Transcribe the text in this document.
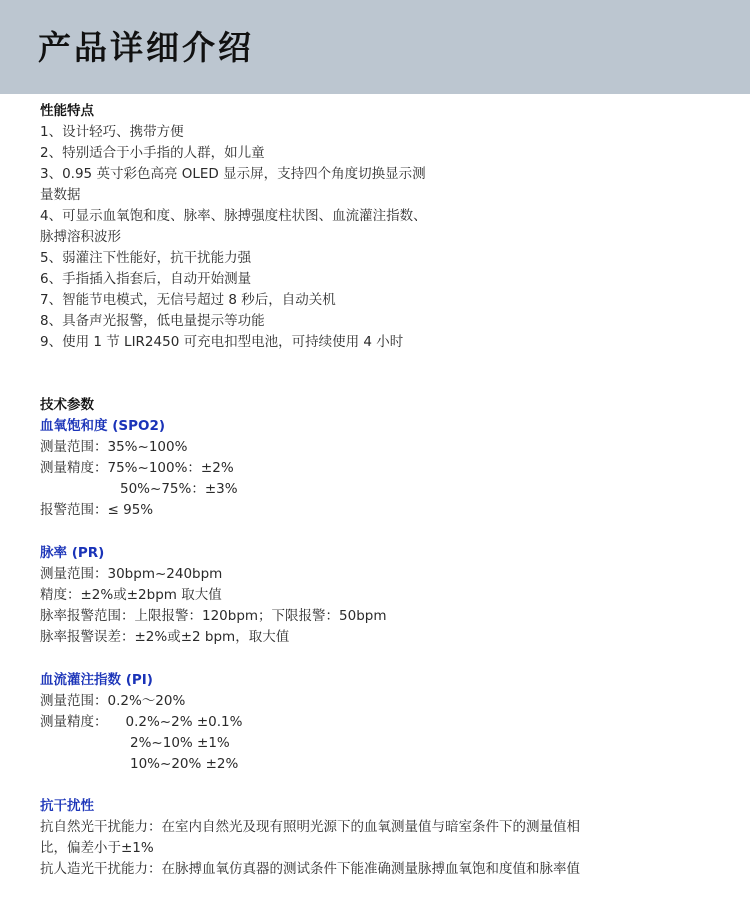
产品详细介绍
性能特点
1、设计轻巧、携带方便
2、特别适合于小手指的人群，如儿童
3、0.95 英寸彩色高亮 OLED 显示屏，支持四个角度切换显示测
量数据
4、可显示血氧饱和度、脉率、脉搏强度柱状图、血流灌注指数、
脉搏溶积波形
5、弱灌注下性能好，抗干扰能力强
6、手指插入指套后，自动开始测量
7、智能节电模式，无信号超过 8 秒后，自动关机
8、具备声光报警，低电量提示等功能
9、使用 1 节 LIR2450 可充电扣型电池，可持续使用 4 小时
技术参数
血氧饱和度 (SPO2)
测量范围：35%~100%
测量精度：75%~100%：±2%
50%~75%：±3%
报警范围：≤ 95%
脉率 (PR)
测量范围：30bpm~240bpm
精度：±2%或±2bpm 取大值
脉率报警范围：上限报警：120bpm；下限报警：50bpm
脉率报警误差：±2%或±2 bpm，取大值
血流灌注指数 (PI)
测量范围：0.2%～20%
测量精度： 0.2%~2% ±0.1%
2%~10% ±1%
10%~20% ±2%
抗干扰性
抗自然光干扰能力：在室内自然光及现有照明光源下的血氧测量值与暗室条件下的测量值相
比，偏差小于±1%
抗人造光干扰能力：在脉搏血氧仿真器的测试条件下能准确测量脉搏血氧饱和度值和脉率值
